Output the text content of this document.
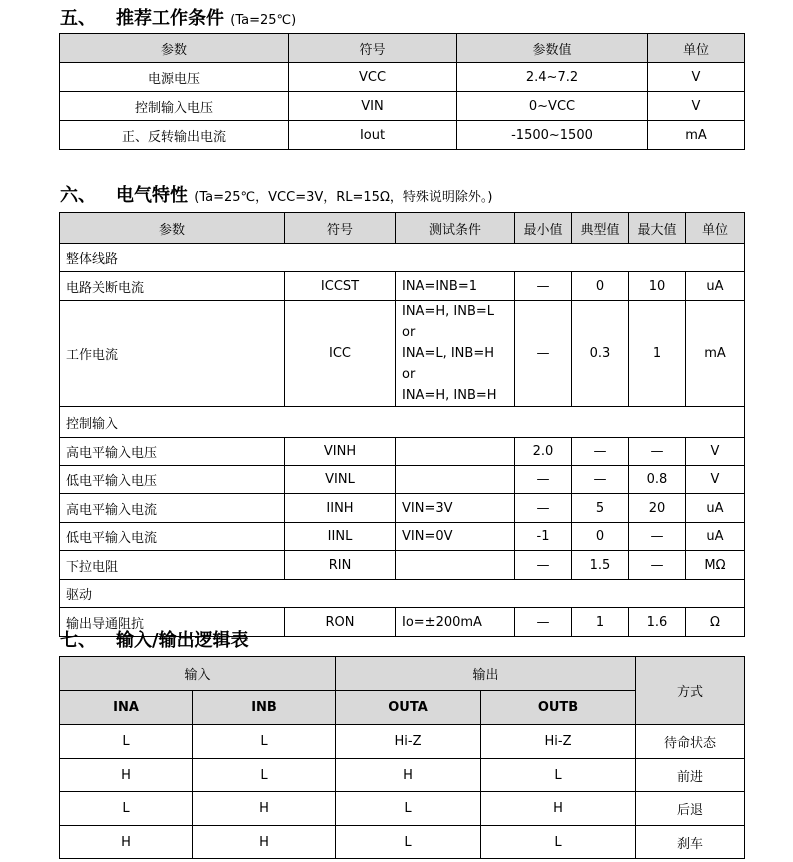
五、 推荐工作条件 (Ta=25℃)
参数	符号	参数值	单位
电源电压	VCC	2.4~7.2	V
控制输入电压	VIN	0~VCC	V
正、反转输出电流	Iout	-1500~1500	mA
六、 电气特性 (Ta=25℃，VCC=3V，RL=15Ω，特殊说明除外。)
参数	符号	测试条件	最小值	典型值	最大值	单位
整体线路						
电路关断电流	ICCST	INA=INB=1	—	0	10	uA
工作电流	ICC	INA=H, INB=L or
INA=L, INB=H or
INA=H, INB=H	—	0.3	1	mA
控制输入						
高电平输入电压	VINH		2.0	—	—	V
低电平输入电压	VINL		—	—	0.8	V
高电平输入电流	IINH	VIN=3V	—	5	20	uA
低电平输入电流	IINL	VIN=0V	-1	0	—	uA
下拉电阻	RIN		—	1.5	—	MΩ
驱动						
输出导通阻抗	RON	Io=±200mA	—	1	1.6	Ω
七、 输入/输出逻辑表
输入		输出		方式
INA	INB	OUTA	OUTB	
L	L	Hi-Z	Hi-Z	待命状态
H	L	H	L	前进
L	H	L	H	后退
H	H	L	L	刹车
